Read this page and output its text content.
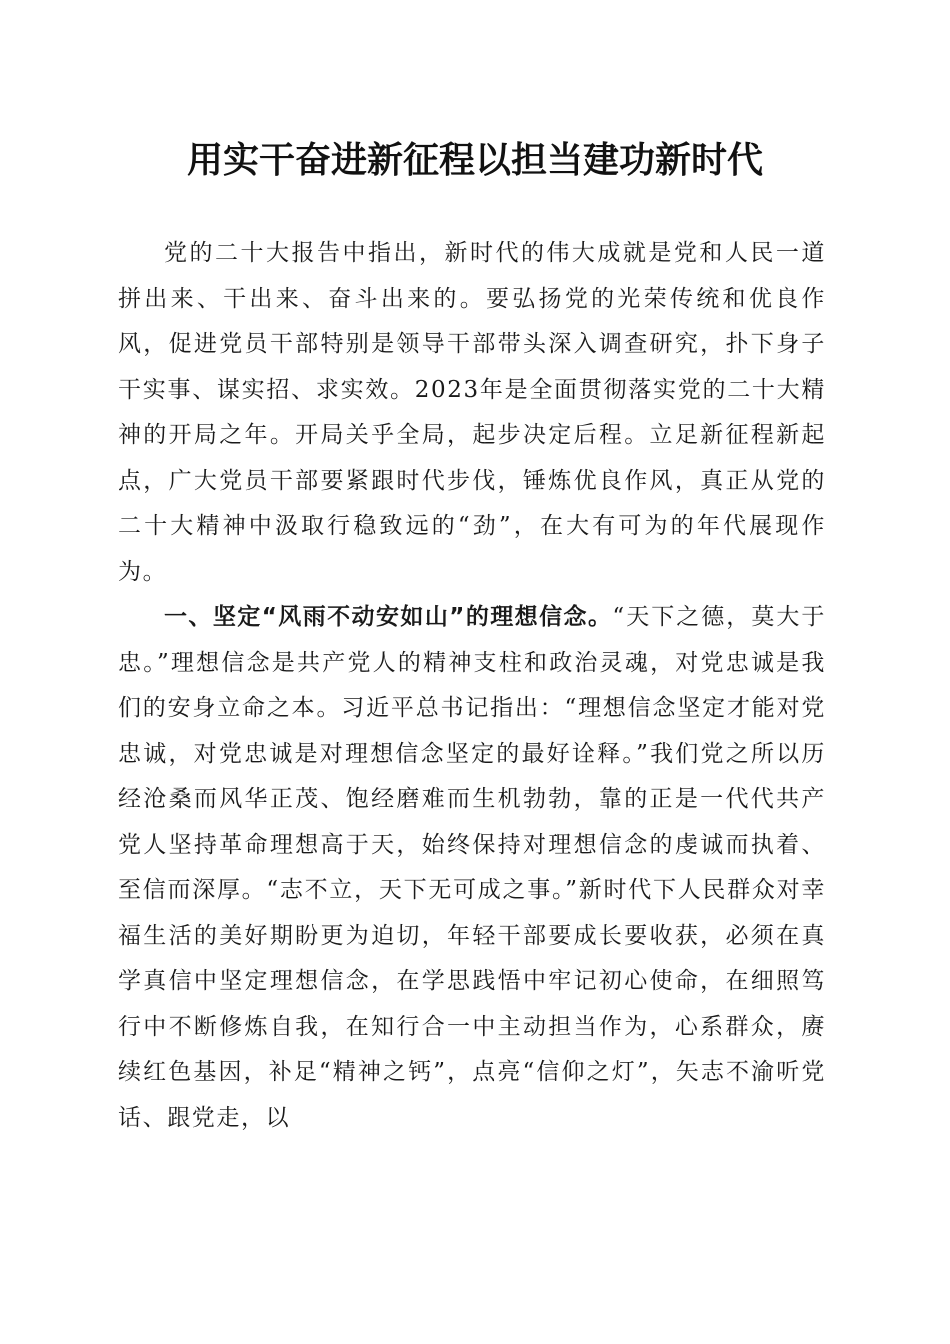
用实干奋进新征程以担当建功新时代

党的二十大报告中指出，新时代的伟大成就是党和人民一道拼出来、干出来、奋斗出来的。要弘扬党的光荣传统和优良作风，促进党员干部特别是领导干部带头深入调查研究，扑下身子干实事、谋实招、求实效。2023年是全面贯彻落实党的二十大精神的开局之年。开局关乎全局，起步决定后程。立足新征程新起点，广大党员干部要紧跟时代步伐，锤炼优良作风，真正从党的二十大精神中汲取行稳致远的“劲”，在大有可为的年代展现作为。

一、坚定“风雨不动安如山”的理想信念。“天下之德，莫大于忠。”理想信念是共产党人的精神支柱和政治灵魂，对党忠诚是我们的安身立命之本。习近平总书记指出：“理想信念坚定才能对党忠诚，对党忠诚是对理想信念坚定的最好诠释。”我们党之所以历经沧桑而风华正茂、饱经磨难而生机勃勃，靠的正是一代代共产党人坚持革命理想高于天，始终保持对理想信念的虔诚而执着、至信而深厚。“志不立，天下无可成之事。”新时代下人民群众对幸福生活的美好期盼更为迫切，年轻干部要成长要收获，必须在真学真信中坚定理想信念，在学思践悟中牢记初心使命，在细照笃行中不断修炼自我，在知行合一中主动担当作为，心系群众，赓续红色基因，补足“精神之钙”，点亮“信仰之灯”，矢志不渝听党话、跟党走，以
